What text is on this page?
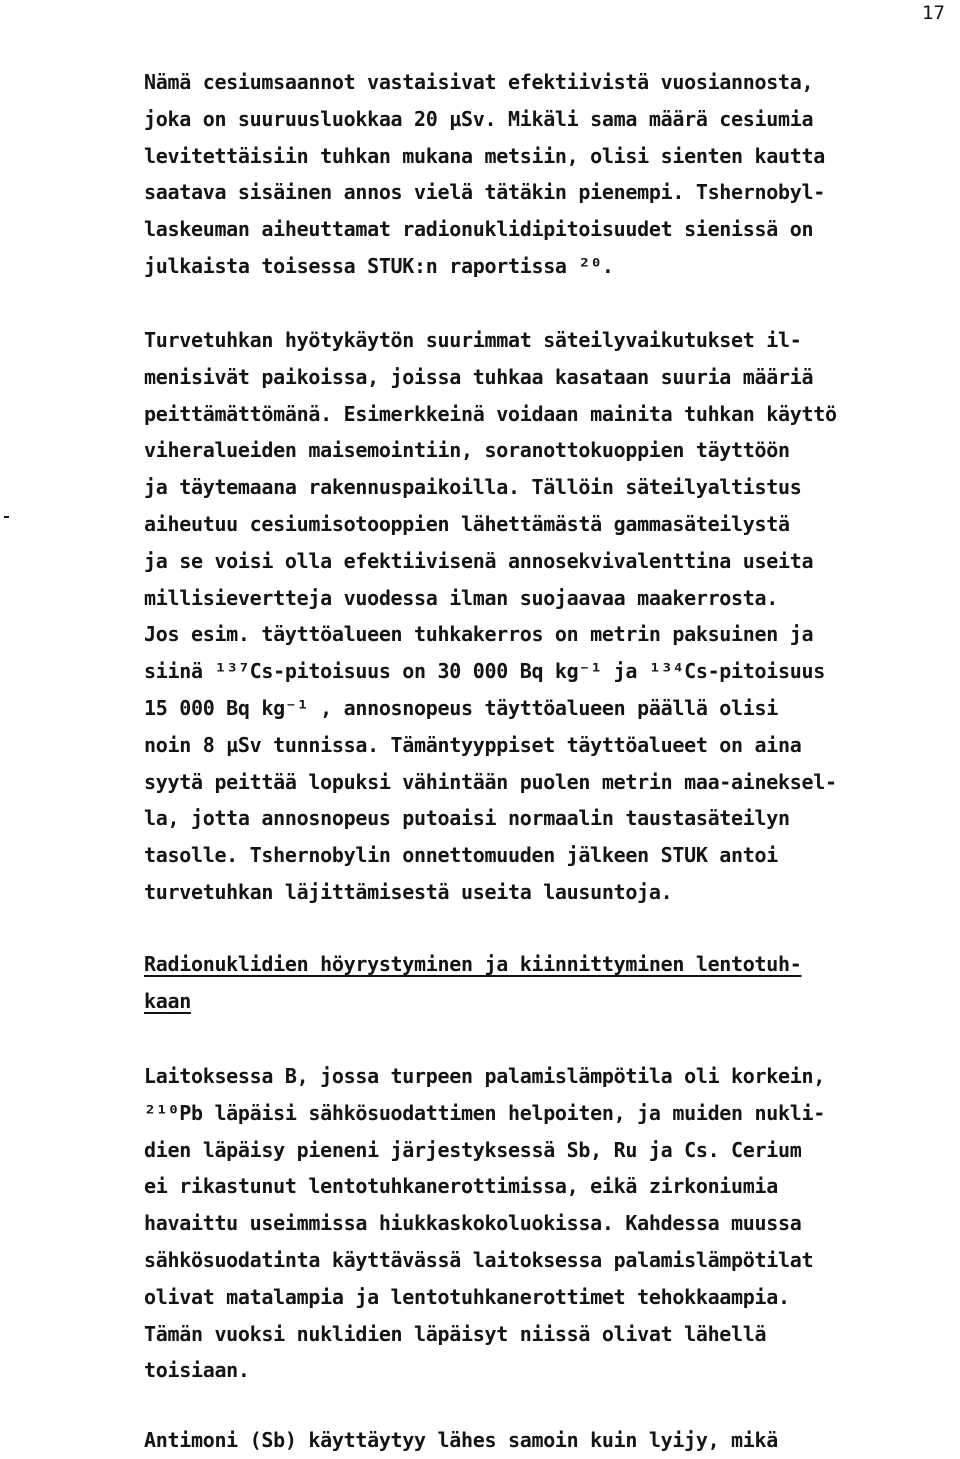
17
Nämä cesiumsaannot vastaisivat efektiivistä vuosiannosta,
joka on suuruusluokkaa 20 µSv. Mikäli sama määrä cesiumia
levitettäisiin tuhkan mukana metsiin, olisi sienten kautta
saatava sisäinen annos vielä tätäkin pienempi. Tshernobyl-
laskeuman aiheuttamat radionuklidipitoisuudet sienissä on
julkaista toisessa STUK:n raportissa ²⁰.
Turvetuhkan hyötykäytön suurimmat säteilyvaikutukset il-
menisivät paikoissa, joissa tuhkaa kasataan suuria määriä
peittämättömänä. Esimerkkeinä voidaan mainita tuhkan käyttö
viheralueiden maisemointiin, soranottokuoppien täyttöön
ja täytemaana rakennuspaikoilla. Tällöin säteilyaltistus
aiheutuu cesiumisotooppien lähettämästä gammasäteilystä
ja se voisi olla efektiivisenä annosekvivalenttina useita
millisievertteja vuodessa ilman suojaavaa maakerrosta.
Jos esim. täyttöalueen tuhkakerros on metrin paksuinen ja
siinä ¹³⁷Cs-pitoisuus on 30 000 Bq kg⁻¹ ja ¹³⁴Cs-pitoisuus
15 000 Bq kg⁻¹ , annosnopeus täyttöalueen päällä olisi
noin 8 µSv tunnissa. Tämäntyyppiset täyttöalueet on aina
syytä peittää lopuksi vähintään puolen metrin maa-aineksel-
la, jotta annosnopeus putoaisi normaalin taustasäteilyn
tasolle. Tshernobylin onnettomuuden jälkeen STUK antoi
turvetuhkan läjittämisestä useita lausuntoja.
Radionuklidien höyrystyminen ja kiinnittyminen lentotuh-
kaan
Laitoksessa B, jossa turpeen palamislämpötila oli korkein,
²¹⁰Pb läpäisi sähkösuodattimen helpoiten, ja muiden nukli-
dien läpäisy pieneni järjestyksessä Sb, Ru ja Cs. Cerium
ei rikastunut lentotuhkanerottimissa, eikä zirkoniumia
havaittu useimmissa hiukkaskokoluokissa. Kahdessa muussa
sähkösuodatinta käyttävässä laitoksessa palamislämpötilat
olivat matalampia ja lentotuhkanerottimet tehokkaampia.
Tämän vuoksi nuklidien läpäisyt niissä olivat lähellä
toisiaan.
Antimoni (Sb) käyttäytyy lähes samoin kuin lyijy, mikä
